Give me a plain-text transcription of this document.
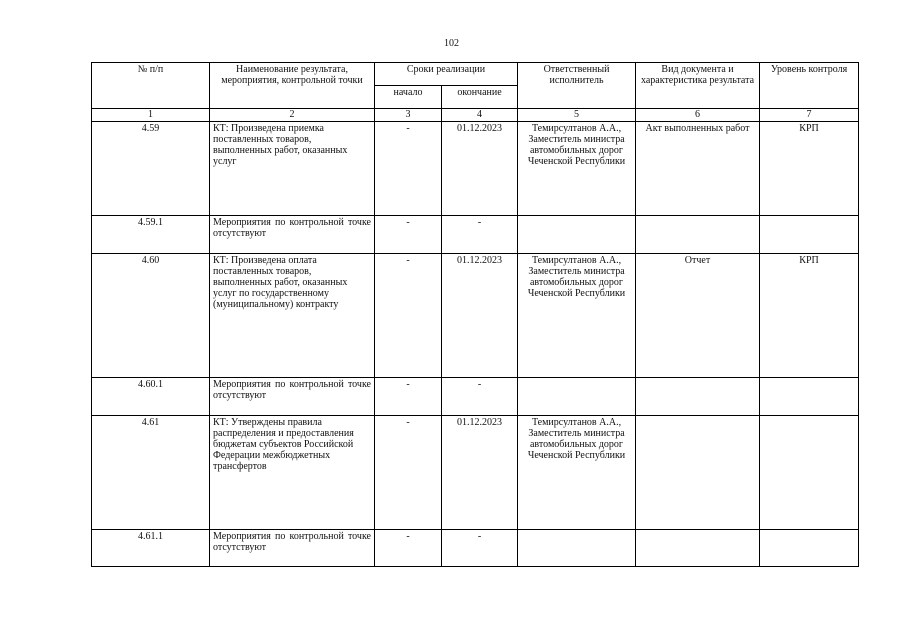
102
№ п/п	Наименование результата, мероприятия, контрольной точки	Сроки реализации		Ответственный исполнитель	Вид документа и характеристика результата	Уровень контроля
		начало	окончание			
1	2	3	4	5	6	7
4.59	КТ: Произведена приемка поставленных товаров, выполненных работ, оказанных услуг	-	01.12.2023	Темирсултанов А.А., Заместитель министра автомобильных дорог Чеченской Республики	Акт выполненных работ	КРП
4.59.1	Мероприятия по контрольной точке отсутствуют	-	-			
4.60	КТ: Произведена оплата поставленных товаров, выполненных работ, оказанных услуг по государственному (муниципальному) контракту	-	01.12.2023	Темирсултанов А.А., Заместитель министра автомобильных дорог Чеченской Республики	Отчет	КРП
4.60.1	Мероприятия по контрольной точке отсутствуют	-	-			
4.61	КТ: Утверждены правила распределения и предоставления бюджетам субъектов Российской Федерации межбюджетных трансфертов	-	01.12.2023	Темирсултанов А.А., Заместитель министра автомобильных дорог Чеченской Республики		
4.61.1	Мероприятия по контрольной точке отсутствуют	-	-			
